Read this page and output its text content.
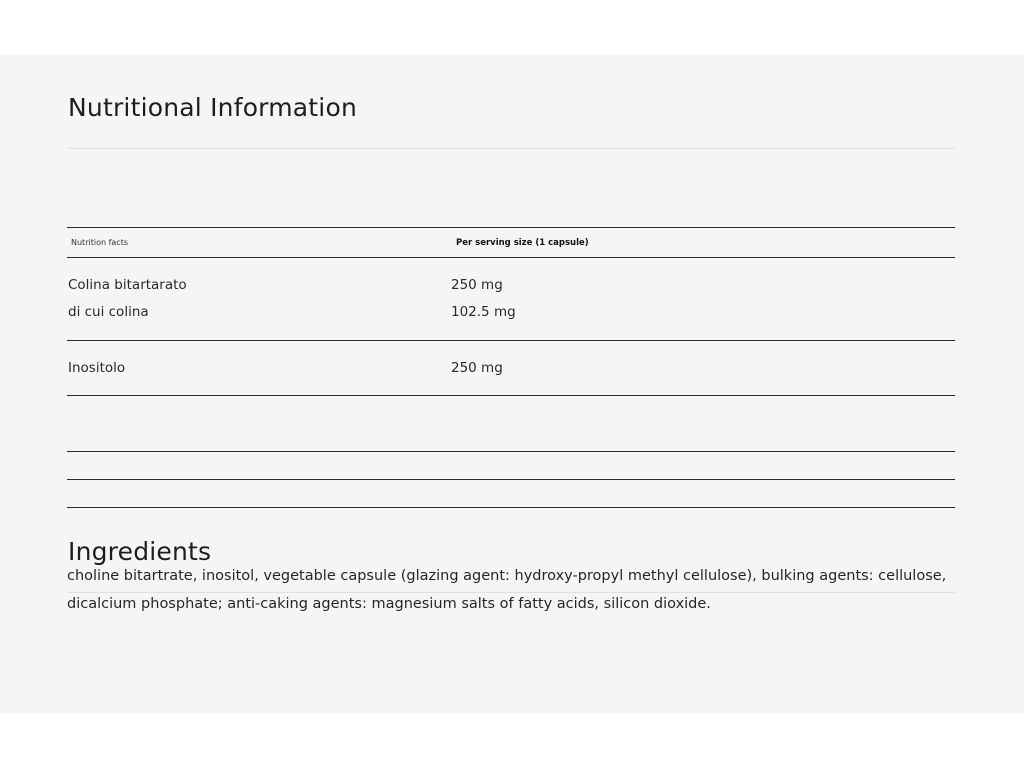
Nutritional Information
Nutrition facts	Per serving size (1 capsule)
Colina bitartarato	250 mg
di cui colina	102.5 mg
Inositolo	250 mg
Ingredients

choline bitartrate, inositol, vegetable capsule (glazing agent: hydroxy-propyl methyl cellulose), bulking agents: cellulose, dicalcium phosphate; anti-caking agents: magnesium salts of fatty acids, silicon dioxide.
